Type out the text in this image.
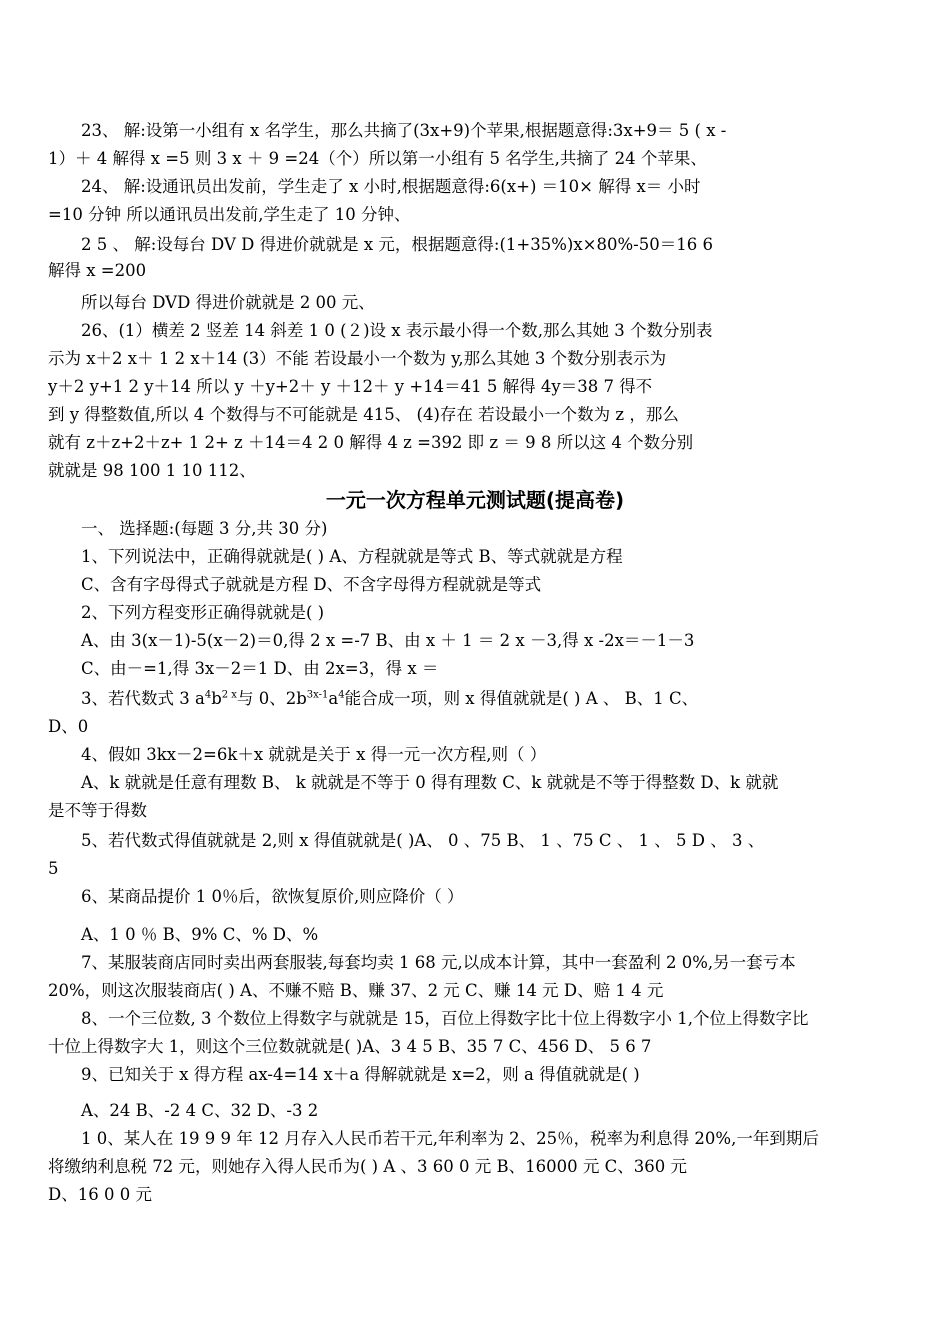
　　23、 解:设第一小组有 x 名学生，那么共摘了(3x+9)个苹果,根据题意得:3x+9＝ 5 ( x -
1）＋ 4 解得 x =5 则 3 x ＋ 9 =24（个）所以第一小组有 5 名学生,共摘了 24 个苹果、
　　24、 解:设通讯员出发前，学生走了 x 小时,根据题意得:6(x+) ＝10× 解得 x＝ 小时
=10 分钟 所以通讯员出发前,学生走了 10 分钟、
　　2 5 、 解:设每台 DV D 得进价就就是 x 元，根据题意得:(1+35%)x×80%-50＝16 6
解得 x =200
　　所以每台 DVD 得进价就就是 2 00 元、
　　26、(1）横差 2 竖差 14 斜差 1 0 (２)设 x 表示最小得一个数,那么其她 3 个数分别表
示为 x＋2 x＋ 1 2 x＋14 (3）不能 若设最小一个数为 y,那么其她 3 个数分别表示为
y＋2 y+1 2 y＋14 所以 y ＋y+2＋ y ＋12＋ y +14＝41 5 解得 4y＝38 7 得不
到 y 得整数值,所以 4 个数得与不可能就是 415、 (4)存在 若设最小一个数为 z ，那么
就有 z＋z+2＋z+ 1 2+ z ＋14＝4 2 0 解得 4 z =392 即 z ＝ 9 8 所以这 4 个数分别
就就是 98 100 1 10 112、
一元一次方程单元测试题(提高卷)
　　一、 选择题:(每题 3 分,共 30 分)
　　1、下列说法中，正确得就就是( ) A、方程就就是等式 B、等式就就是方程
　　C、含有字母得式子就就是方程 D、不含字母得方程就就是等式
　　2、下列方程变形正确得就就是( )
　　A、由 3(x－1)-5(x－2)＝0,得 2 x =-7 B、由 x ＋ 1 ＝ 2 x －3,得 x -2x＝－1－3
　　C、由－=1,得 3x－2＝1 D、由 2x=3，得 x ＝
　　3、若代数式 3 $a^4b^{2 x}$与 0、$2b^{3x-1}a^4$能合成一项，则 x 得值就就是( ) A 、 B、1 C、
D、0
　　4、假如 3kx－2=6k＋x 就就是关于 x 得一元一次方程,则（ ）
　　A、k 就就是任意有理数 B、 k 就就是不等于 0 得有理数 C、k 就就是不等于得整数 D、k 就就
是不等于得数
　　5、若代数式得值就就是 2,则 x 得值就就是( )A、 0 、75 B、 1 、75 C 、 1 、 5 D 、 3 、
5
　　6、某商品提价 1 0％后，欲恢复原价,则应降价（ ）
　　A、1 0 ％ B、9% C、% D、%
　　7、某服装商店同时卖出两套服装,每套均卖 1 68 元,以成本计算，其中一套盈利 2 0%,另一套亏本
20%，则这次服装商店( ) A、不赚不赔 B、赚 37、2 元 C、赚 14 元 D、赔 1 4 元
　　8、一个三位数, 3 个数位上得数字与就就是 15，百位上得数字比十位上得数字小 1,个位上得数字比
十位上得数字大 1，则这个三位数就就是( )A、3 4 5 B、35 7 C、456 D、 5 6 7
　　9、已知关于 x 得方程 ax-4=14 x＋a 得解就就是 x=2，则 a 得值就就是( )
　　A、24 B、-2 4 C、32 D、-3 2
　　1 0、某人在 19 9 9 年 12 月存入人民币若干元,年利率为 2、25％，税率为利息得 20%,一年到期后
将缴纳利息税 72 元，则她存入得人民币为( ) A 、3 60 0 元 B、16000 元 C、360 元
D、16 0 0 元
